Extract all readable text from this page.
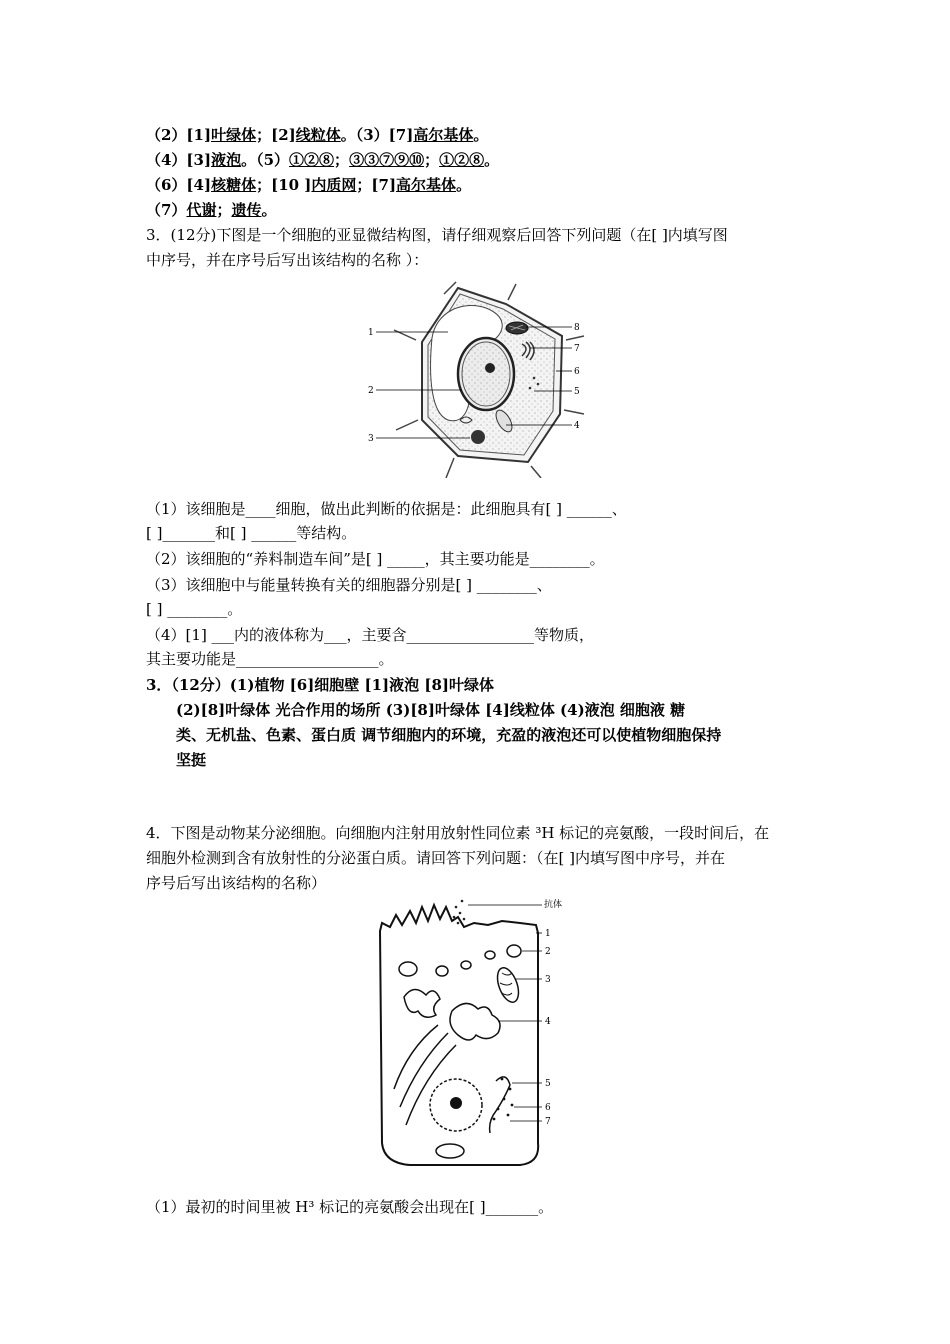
（2）[1]叶绿体；[2]线粒体。（3）[7]高尔基体。
（4）[3]液泡。（5）①②⑧；③③⑦⑨⑩；①②⑧。
（6）[4]核糖体；[10 ]内质网；[7]高尔基体。
（7）代谢；遗传。
3．(12分)下图是一个细胞的亚显微结构图，请仔细观察后回答下列问题（在[ ]内填写图
中序号，并在序号后写出该结构的名称 ）：
1
2
3
4
5
6
7
8
（1）该细胞是____细胞，做出此判断的依据是：此细胞具有[ ] ______、
[ ]_______和[ ] ______等结构。
（2）该细胞的“养料制造车间”是[ ] _____，其主要功能是________。
（3）该细胞中与能量转换有关的细胞器分别是[ ] ________、
[ ] ________。
（4）[1] ___内的液体称为___，主要含_________________等物质，
其主要功能是___________________。
3．（12分）(1)植物 [6]细胞壁 [1]液泡 [8]叶绿体
(2)[8]叶绿体 光合作用的场所 (3)[8]叶绿体 [4]线粒体 (4)液泡 细胞液 糖
类、无机盐、色素、蛋白质 调节细胞内的环境，充盈的液泡还可以使植物细胞保持
坚挺
4．下图是动物某分泌细胞。向细胞内注射用放射性同位素 ³H 标记的亮氨酸，一段时间后，在
细胞外检测到含有放射性的分泌蛋白质。请回答下列问题：（在[ ]内填写图中序号，并在
序号后写出该结构的名称）
抗体
1
2
3
4
5
6
7
（1）最初的时间里被 H³ 标记的亮氨酸会出现在[ ]_______。
